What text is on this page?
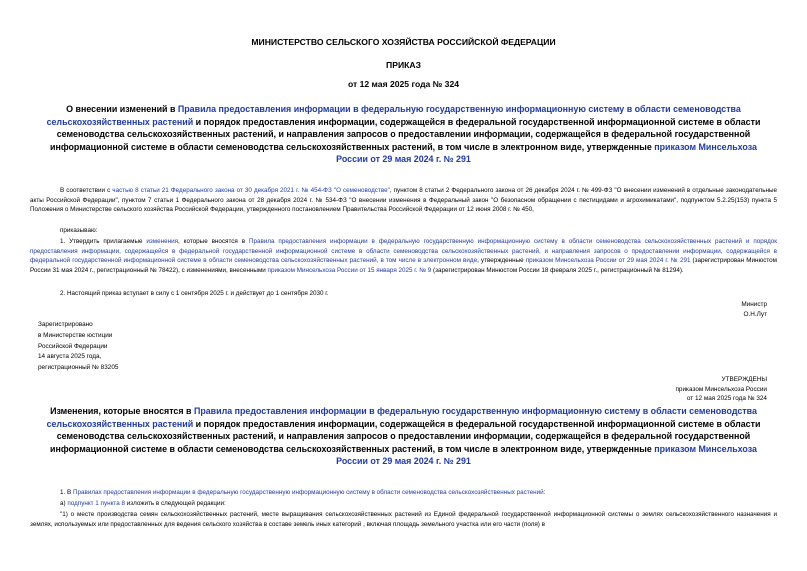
МИНИСТЕРСТВО СЕЛЬСКОГО ХОЗЯЙСТВА РОССИЙСКОЙ ФЕДЕРАЦИИ
ПРИКАЗ
от 12 мая 2025 года № 324
О внесении изменений в Правила предоставления информации в федеральную государственную информационную систему в области семеноводства сельскохозяйственных растений и порядок предоставления информации, содержащейся в федеральной государственной информационной системе в области семеноводства сельскохозяйственных растений, и направления запросов о предоставлении информации, содержащейся в федеральной государственной информационной системе в области семеноводства сельскохозяйственных растений, в том числе в электронном виде, утвержденные приказом Минсельхоза России от 29 мая 2024 г. № 291
В соответствии с частью 8 статьи 21 Федерального закона от 30 декабря 2021 г. № 454-ФЗ "О семеноводстве", пунктом 8 статьи 2 Федерального закона от 26 декабря 2024 г. № 499-ФЗ "О внесении изменений в отдельные законодательные акты Российской Федерации", пунктом 7 статьи 1 Федерального закона от 28 декабря 2024 г. № 534-ФЗ "О внесении изменения в Федеральный закон "О безопасном обращении с пестицидами и агрохимикатами", подпунктом 5.2.25(153) пункта 5 Положения о Министерстве сельского хозяйства Российской Федерации, утвержденного постановлением Правительства Российской Федерации от 12 июня 2008 г. № 450,
приказываю:
1. Утвердить прилагаемые изменения, которые вносятся в Правила предоставления информации в федеральную государственную информационную систему в области семеноводства сельскохозяйственных растений и порядок предоставления информации, содержащейся в федеральной государственной информационной системе в области семеноводства сельскохозяйственных растений, и направления запросов о предоставлении информации, содержащейся в федеральной государственной информационной системе в области семеноводства сельскохозяйственных растений, в том числе в электронном виде, утвержденные приказом Минсельхоза России от 29 мая 2024 г. № 291 (зарегистрирован Минюстом России 31 мая 2024 г., регистрационный № 78422), с изменениями, внесенными приказом Минсельхоза России от 15 января 2025 г. № 9 (зарегистрирован Минюстом России 18 февраля 2025 г., регистрационный № 81294).
2. Настоящий приказ вступает в силу с 1 сентября 2025 г. и действует до 1 сентября 2030 г.
Министр
О.Н.Лут
Зарегистрировано
в Министерстве юстиции
Российской Федерации
14 августа 2025 года,
регистрационный № 83205
УТВЕРЖДЕНЫ
приказом Минсельхоза России
от 12 мая 2025 года № 324
Изменения, которые вносятся в Правила предоставления информации в федеральную государственную информационную систему в области семеноводства сельскохозяйственных растений и порядок предоставления информации, содержащейся в федеральной государственной информационной системе в области семеноводства сельскохозяйственных растений, и направления запросов о предоставлении информации, содержащейся в федеральной государственной информационной системе в области семеноводства сельскохозяйственных растений, в том числе в электронном виде, утвержденные приказом Минсельхоза России от 29 мая 2024 г. № 291
1. В Правилах предоставления информации в федеральную государственную информационную систему в области семеноводства сельскохозяйственных растений:
а) подпункт 1 пункта 8 изложить в следующей редакции:
"1) о месте производства семян сельскохозяйственных растений, месте выращивания сельскохозяйственных растений из Единой федеральной государственной информационной системы о землях сельскохозяйственного назначения и землях, используемых или предоставленных для ведения сельского хозяйства в составе земель иных категорий , включая площадь земельного участка или его части (поля) в
